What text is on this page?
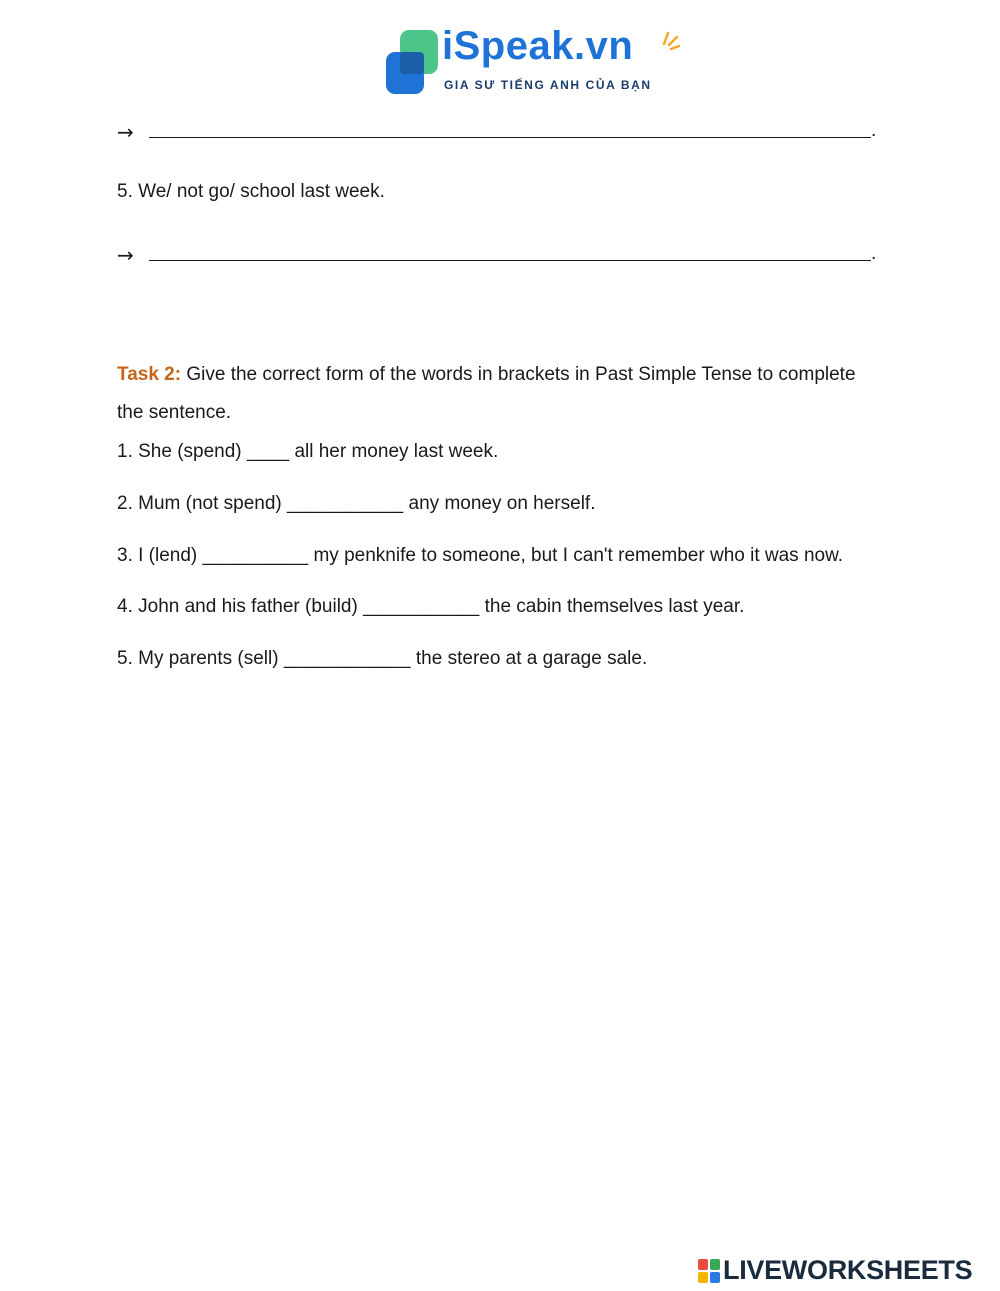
iSpeak.vn
GIA SƯ TIẾNG ANH CỦA BẠN
→	.
5. We/ not go/ school last week.
→	.
Task 2: Give the correct form of the words in brackets in Past Simple Tense to complete
the sentence.
1. She (spend) ____ all her money last week.
2. Mum (not spend) ___________ any money on herself.
3. I (lend) __________ my penknife to someone, but I can't remember who it was now.
4. John and his father (build) ___________ the cabin themselves last year.
5. My parents (sell) ____________ the stereo at a garage sale.
LIVEWORKSHEETS
